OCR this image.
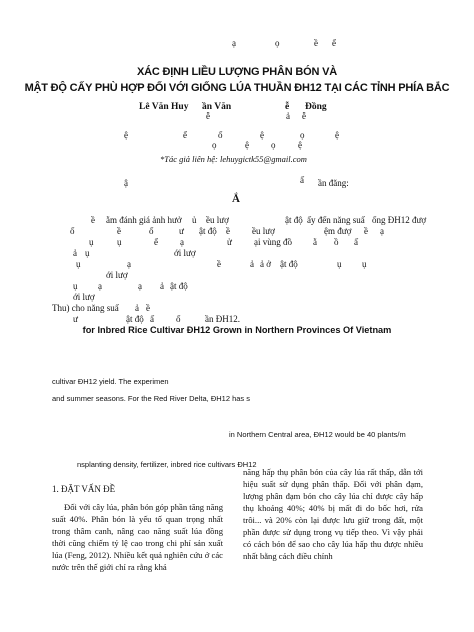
ạ	ọ	ề ể
XÁC ĐỊNH LIỀU LƯỢNG PHÂN BÓN VÀ
MẬT ĐỘ CẤY PHÙ HỢP ĐỐI VỚI GIỐNG LÚA THUẦN ĐH12 TẠI CÁC TỈNH PHÍA BẮC
Lê Văn Huy ần Văn	ễ Đồng
ễ	ả ễ
ệ	ể	ố	ệ	ọ	ệ
ọ	ệ ọ	ệ
*Tác giả liên hệ: lehuygictk55@gmail.com
ậ	ấ ần đăng:
Ắ
ề ằm đánh giá ảnh hưở ủ ều lượ	ật độ ấy đến năng suấ ống ĐH12 đượ
ố	ề	ố	ư ật độ ề ều lượ	ệm đượ ề ạ
ụ	ụ	ể ạ	ử ại vùng đồ ằ ồ ấ
ả ụ	ới lượ
ụ	ạ	ề	ả ả ở ật độ	ụ ụ
ới lượ
ụ ạ	ạ ả ật độ
ới lượ
Thu) cho năng suấ ả ề
ư	ật độ ấ ố	ần ĐH12.
for Inbred Rice Cultivar ĐH12 Grown in Northern Provinces Of Vietnam
cultivar ĐH12 yield. The experimen
and summer seasons. For the Red River Delta, ĐH12 has s
in Northern Central area, ĐH12 would be 40 plants/m
nsplanting density, fertilizer, inbred rice cultivars ĐH12

1. ĐẶT VẤN ĐỀ

Đối với cây lúa, phân bón góp phần tăng năng suất 40%. Phân bón là yếu tố quan trọng nhất trong thâm canh, nâng cao năng suất lúa đồng thời cũng chiếm tỷ lệ cao trong chi phí sản xuất lúa (Feng, 2012). Nhiều kết quả nghiên cứu ở các nước trên thế giới chỉ ra rằng khả

năng hấp thụ phân bón của cây lúa rất thấp, dẫn tới hiệu suất sử dụng phân thấp. Đối với phân đạm, lượng phân đạm bón cho cây lúa chỉ được cây hấp thụ khoảng 40%; 40% bị mất đi do bốc hơi, rửa trôi... và 20% còn lại được lưu giữ trong đất, một phần được sử dụng trong vụ tiếp theo. Vì vậy phải có cách bón để sao cho cây lúa hấp thu được nhiều nhất bằng cách điều chỉnh
